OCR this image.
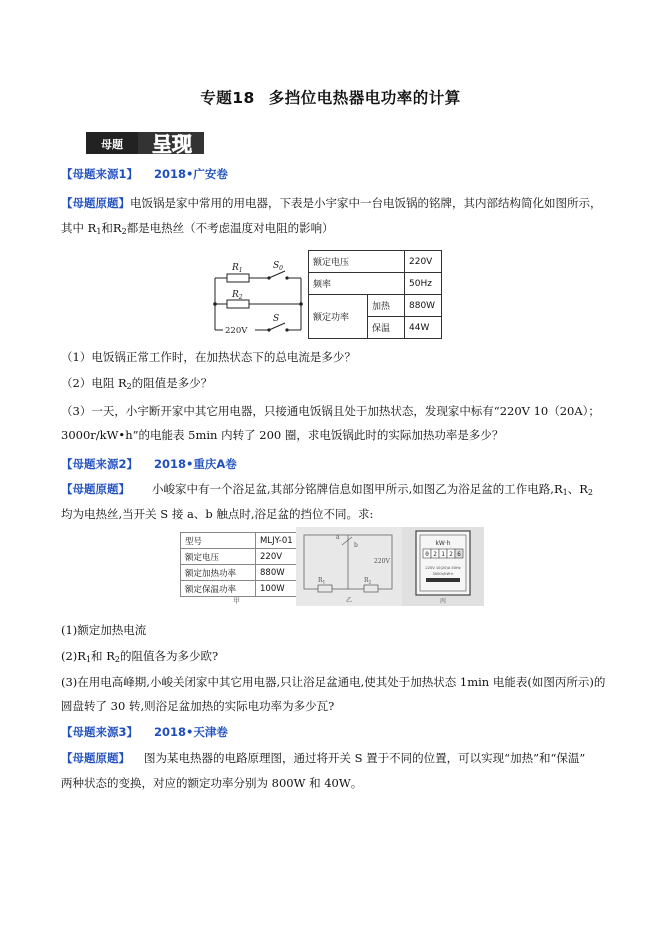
专题18 多挡位电热器电功率的计算
母题 呈现
【母题来源1】 2018•广安卷
【母题原题】电饭锅是家中常用的用电器，下表是小宇家中一台电饭锅的铭牌，其内部结构简化如图所示，
其中 $R_1$和$R_2$都是电热丝（不考虑温度对电阻的影响）
$R_1$	$S_0$
$R_2$
S
220V
额定电压		220V
频率		50Hz
额定功率	加热	880W
	保温	44W
（1）电饭锅正常工作时，在加热状态下的总电流是多少？
（2）电阻 $R_2$的阻值是多少？
（3）一天，小宇断开家中其它用电器，只接通电饭锅且处于加热状态，发现家中标有“220V 10（20A）；
3000r/kW•h”的电能表 5min 内转了 200 圈，求电饭锅此时的实际加热功率是多少？
【母题来源2】 2018•重庆A卷
【母题原题】 小峻家中有一个浴足盆,其部分铭牌信息如图甲所示,如图乙为浴足盆的工作电路$,R_1$、$R_2$
均为电热丝,当开关 S 接 a、b 触点时,浴足盆的挡位不同。求:
型号	MLJY-01
额定电压	220V
额定加热功率	880W
额定保温功率	100W
甲
$R_1$	$R_2$
220V
a
b
乙
kW·h
0 2 1 2 6
220V 10(20)A 50Hz
3000r/kW·h
丙
(1)额定加热电流
$(2)R_1$和 $R_2$的阻值各为多少欧?
(3)在用电高峰期,小峻关闭家中其它用电器,只让浴足盆通电,使其处于加热状态 1min 电能表(如图丙所示)的
圆盘转了 30 转,则浴足盆加热的实际电功率为多少瓦?
【母题来源3】 2018•天津卷
【母题原题】 图为某电热器的电路原理图，通过将开关 S 置于不同的位置，可以实现“加热”和“保温”
两种状态的变换，对应的额定功率分别为 800W 和 40W。
